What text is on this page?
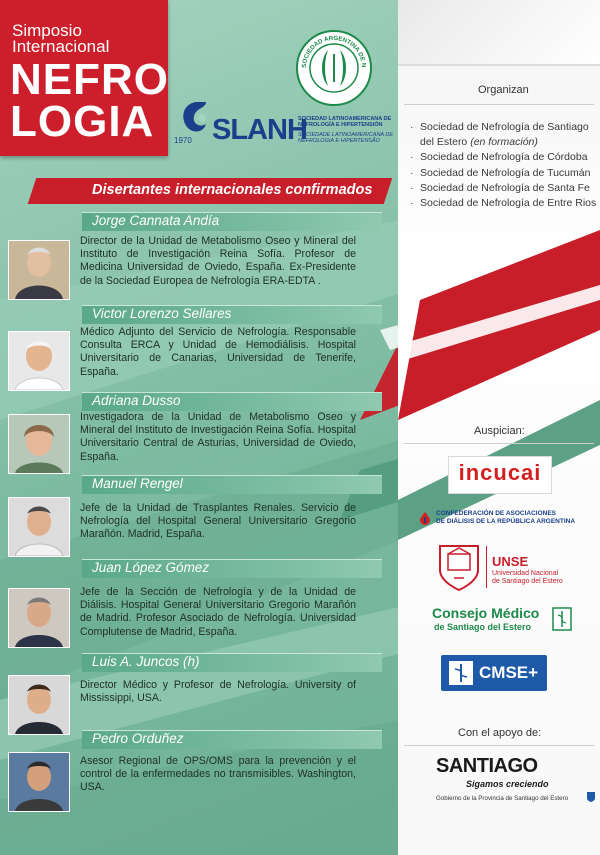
Simposio
Internacional
NEFRO
LOGIA
SOCIEDAD ARGENTINA DE N
1970 SLANH
SOCIEDAD LATINOAMERICANA DE NEFROLOGÍA E HIPERTENSIÓN
SOCIEDADE LATINOAMERICANA DE NEFROLOGIA E HIPERTENSÃO
Disertantes internacionales confirmados
Jorge Cannata Andía
Director de la Unidad de Metabolismo Oseo y Mineral del Instituto de Investigación Reina Sofía. Profesor de Medicina Universidad de Oviedo, España. Ex-Presidente de la Sociedad Europea de Nefrología ERA-EDTA .
Victor Lorenzo Sellares
Médico Adjunto del Servicio de Nefrología. Responsable Consulta ERCA y Unidad de Hemodiálisis. Hospital Universitario de Canarias, Universidad de Tenerife, España.
Adriana Dusso
Investigadora de la Unidad de Metabolismo Oseo y Mineral del Instituto de Investigación Reina Sofía. Hospital Universitario Central de Asturias, Universidad de Oviedo, España.
Manuel Rengel
Jefe de la Unidad de Trasplantes Renales. Servicio de Nefrología del Hospital General Universitario Gregorio Marañón. Madrid, España.
Juan López Gómez
Jefe de la Sección de Nefrología y de la Unidad de Diálisis. Hospital General Universitario Gregorio Marañón de Madrid. Profesor Asociado de Nefrología. Universidad Complutense de Madrid, España.
Luis A. Juncos (h)
Director Médico y Profesor de Nefrología. University of Mississippi, USA.
Pedro Orduñez
Asesor Regional de OPS/OMS para la prevención y el control de la enfermedades no transmisibles. Washington, USA.
Organizan
· Sociedad de Nefrología de Santiago del Estero (en formación)
· Sociedad de Nefrología de Córdoba
· Sociedad de Nefrología de Tucumán
· Sociedad de Nefrología de Santa Fe
· Sociedad de Nefrología de Entre Rios
Auspician:
incucai
CONFEDERACIÓN DE ASOCIACIONES
DE DIÁLISIS DE LA REPÚBLICA ARGENTINA
UNSE
Universidad Nacional
de Santiago del Estero
Consejo Médico
de Santiago del Estero
CMSE+
Con el apoyo de:
SANTIAGO
Sigamos creciendo
Gobierno de la Provincia de Santiago del Estero
